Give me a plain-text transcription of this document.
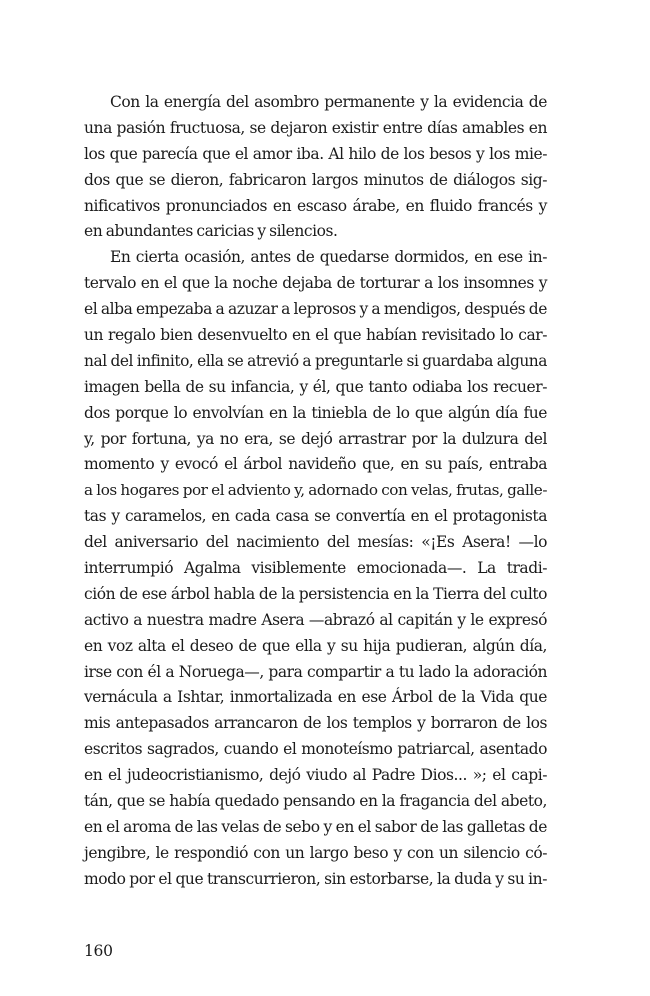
Con la energía del asombro permanente y la evidencia de
una pasión fructuosa, se dejaron existir entre días amables en
los que parecía que el amor iba. Al hilo de los besos y los mie-
dos que se dieron, fabricaron largos minutos de diálogos sig-
nificativos pronunciados en escaso árabe, en fluido francés y
en abundantes caricias y silencios.
En cierta ocasión, antes de quedarse dormidos, en ese in-
tervalo en el que la noche dejaba de torturar a los insomnes y
el alba empezaba a azuzar a leprosos y a mendigos, después de
un regalo bien desenvuelto en el que habían revisitado lo car-
nal del infinito, ella se atrevió a preguntarle si guardaba alguna
imagen bella de su infancia, y él, que tanto odiaba los recuer-
dos porque lo envolvían en la tiniebla de lo que algún día fue
y, por fortuna, ya no era, se dejó arrastrar por la dulzura del
momento y evocó el árbol navideño que, en su país, entraba
a los hogares por el adviento y, adornado con velas, frutas, galle-
tas y caramelos, en cada casa se convertía en el protagonista
del aniversario del nacimiento del mesías: «¡Es Asera! —lo
interrumpió Agalma visiblemente emocionada—. La tradi-
ción de ese árbol habla de la persistencia en la Tierra del culto
activo a nuestra madre Asera —abrazó al capitán y le expresó
en voz alta el deseo de que ella y su hija pudieran, algún día,
irse con él a Noruega—, para compartir a tu lado la adoración
vernácula a Ishtar, inmortalizada en ese Árbol de la Vida que
mis antepasados arrancaron de los templos y borraron de los
escritos sagrados, cuando el monoteísmo patriarcal, asentado
en el judeocristianismo, dejó viudo al Padre Dios... »; el capi-
tán, que se había quedado pensando en la fragancia del abeto,
en el aroma de las velas de sebo y en el sabor de las galletas de
jengibre, le respondió con un largo beso y con un silencio có-
modo por el que transcurrieron, sin estorbarse, la duda y su in-
160
